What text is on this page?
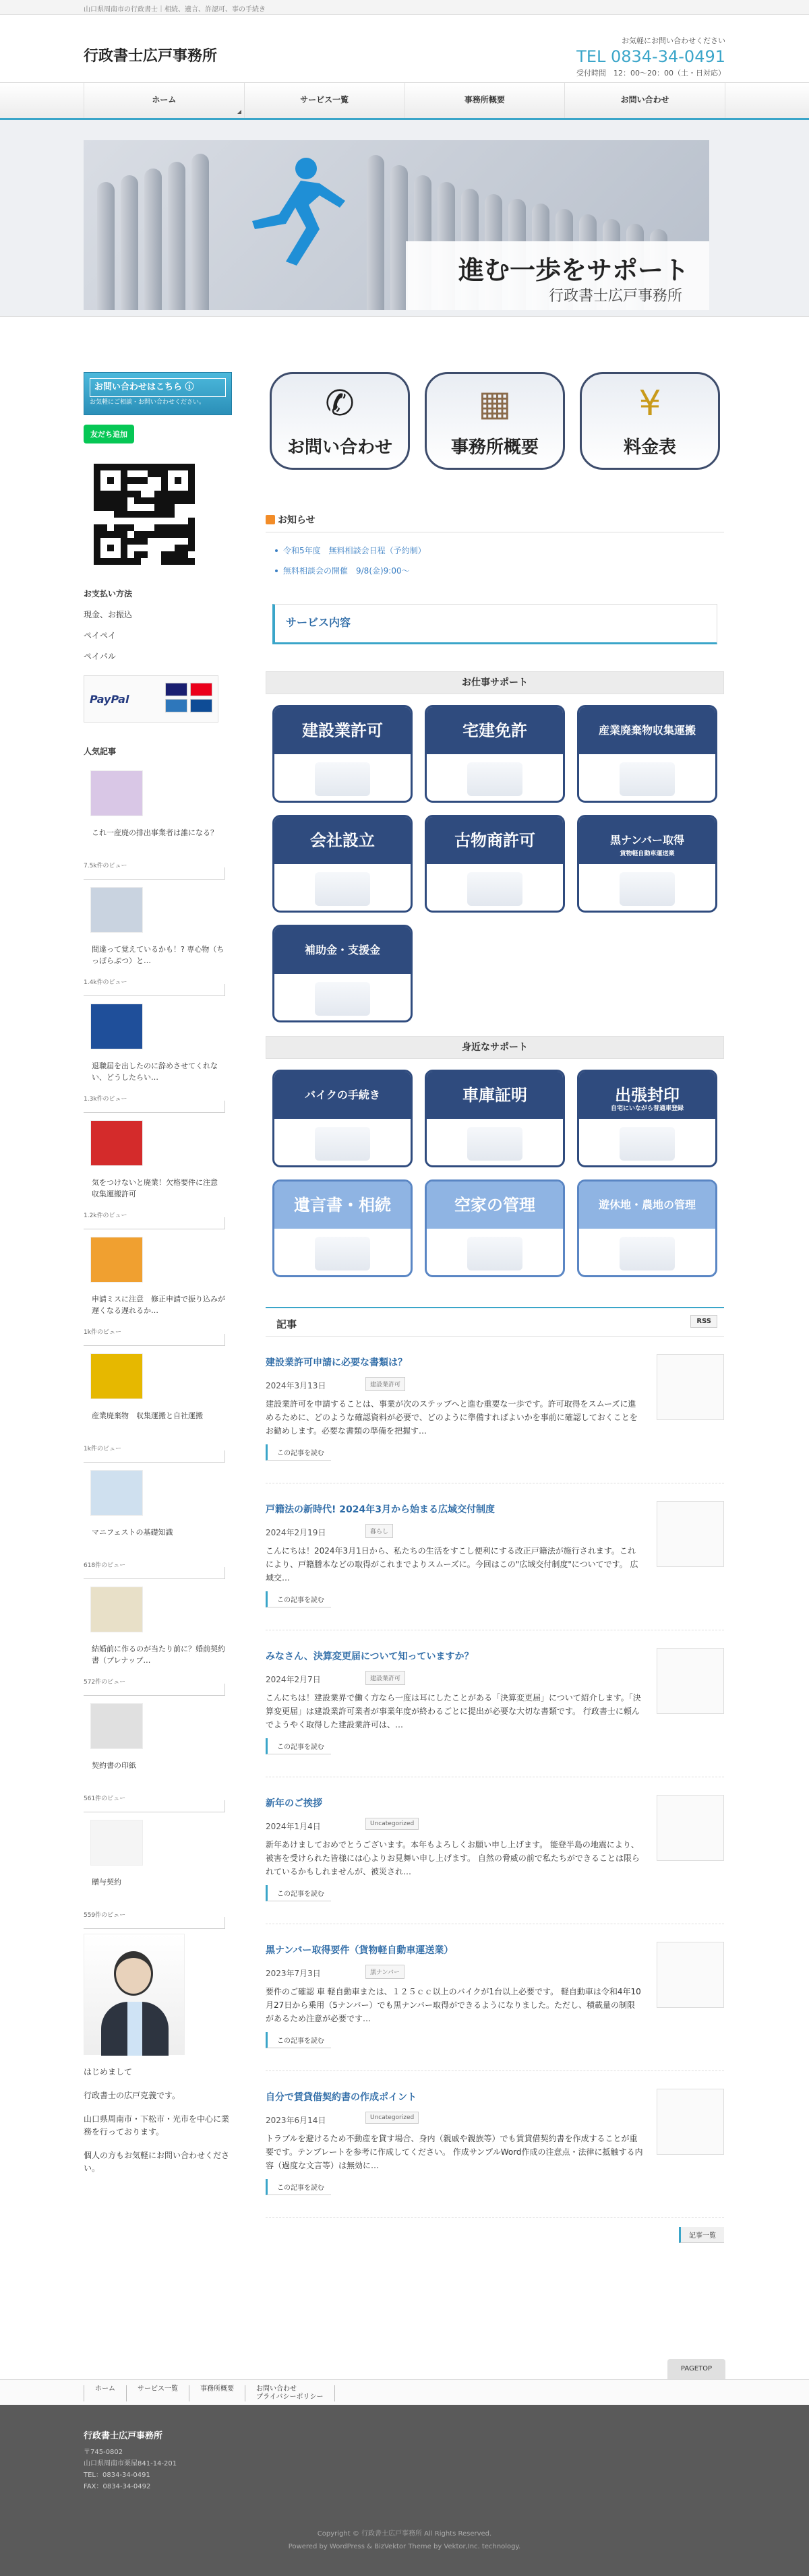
山口県周南市の行政書士｜相続、遺言、許認可、事の手続き
行政書士広戸事務所
お気軽にお問い合わせください
TEL 0834-34-0491
受付時間　12：00～20：00（土・日対応）
ホーム	サービス一覧	事務所概要	お問い合わせ
進む一歩をサポート
行政書士広戸事務所
お問い合わせはこちら ⓘ
お気軽にご相談・お問い合わせください。
友だち追加
お支払い方法
現金、お振込
ペイペイ
ペイパル
PayPal
人気記事
これ一産廃の排出事業者は誰になる？
7.5k件のビュー
間違って覚えているかも！? 専心物（ちっぽらぶつ）と…
1.4k件のビュー
退職届を出したのに辞めさせてくれない、どうしたらい…
1.3k件のビュー
気をつけないと廃業！欠格要件に注意　収集運搬許可
1.2k件のビュー
申請ミスに注意　修正申請で振り込みが遅くなる遅れるか…
1k件のビュー
産業廃棄物　収集運搬と自社運搬
1k件のビュー
マニフェストの基礎知識
618件のビュー
結婚前に作るのが当たり前に？婚前契約書（プレナップ…
572件のビュー
契約書の印紙
561件のビュー
贈与契約
559件のビュー

はじめまして

行政書士の広戸克義です。

山口県周南市・下松市・光市を中心に業務を行っております。

個人の方もお気軽にお問い合わせください。

✆
お問い合わせ
▦
事務所概要
¥
料金表
お知らせ
令和5年度　無料相談会日程（予約制）
無料相談会の開催　9/8(金)9:00〜
サービス内容
お仕事サポート
建設業許可	宅建免許	産業廃棄物収集運搬
会社設立	古物商許可	黒ナンバー取得
貨物軽自動車運送業
補助金・支援金
身近なサポート
バイクの手続き	車庫証明	出張封印
自宅にいながら普通車登録
遺言書・相続	空家の管理	遊休地・農地の管理
記事	RSS
建設業許可申請に必要な書類は？
2024年3月13日	建設業許可
建設業許可を申請することは、事業が次のステップへと進む重要な一歩です。許可取得をスムーズに進めるために、どのような確認資料が必要で、どのように準備すればよいかを事前に確認しておくことをお勧めします。必要な書類の準備を把握す…
この記事を読む
戸籍法の新時代! 2024年3月から始まる広域交付制度
2024年2月19日	暮らし
こんにちは！2024年3月1日から、私たちの生活をすこし便利にする改正戸籍法が施行されます。これにより、戸籍謄本などの取得がこれまでよりスムーズに。今回はこの"広域交付制度"についてです。 広域交…
この記事を読む
みなさん、決算変更届について知っていますか？
2024年2月7日	建設業許可
こんにちは！建設業界で働く方なら一度は耳にしたことがある「決算変更届」について紹介します。「決算変更届」は建設業許可業者が事業年度が終わるごとに提出が必要な大切な書類です。 行政書士に頼んでようやく取得した建設業許可は、…
この記事を読む
新年のご挨拶
2024年1月4日	Uncategorized
新年あけましておめでとうございます。本年もよろしくお願い申し上げます。 能登半島の地震により、被害を受けられた皆様には心よりお見舞い申し上げます。 自然の脅威の前で私たちができることは限られているかもしれませんが、被災され…
この記事を読む
黒ナンバー取得要件（貨物軽自動車運送業）
2023年7月3日	黒ナンバー
要件のご確認 車 軽自動車または、１２５ｃｃ以上のバイクが1台以上必要です。 軽自動車は令和4年10月27日から乗用（5ナンバー）でも黒ナンバー取得ができるようになりました。ただし、積載量の制限があるため注意が必要です…
この記事を読む
自分で賃貸借契約書の作成ポイント
2023年6月14日	Uncategorized
トラブルを避けるため不動産を貸す場合、身内（親戚や親族等）でも賃貸借契約書を作成することが重要です。テンプレートを参考に作成してください。 作成サンプルWord作成の注意点・法律に抵触する内容（過度な文言等）は無効に…
この記事を読む
記事一覧
PAGETOP
ホーム	サービス一覧	事務所概要	お問い合わせ
プライバシーポリシー
行政書士広戸事務所
〒745-0802
山口県周南市栗屋841-14-201
TEL：0834-34-0491
FAX：0834-34-0492
Copyright © 行政書士広戸事務所 All Rights Reserved.
Powered by WordPress & BizVektor Theme by Vektor,Inc. technology.
